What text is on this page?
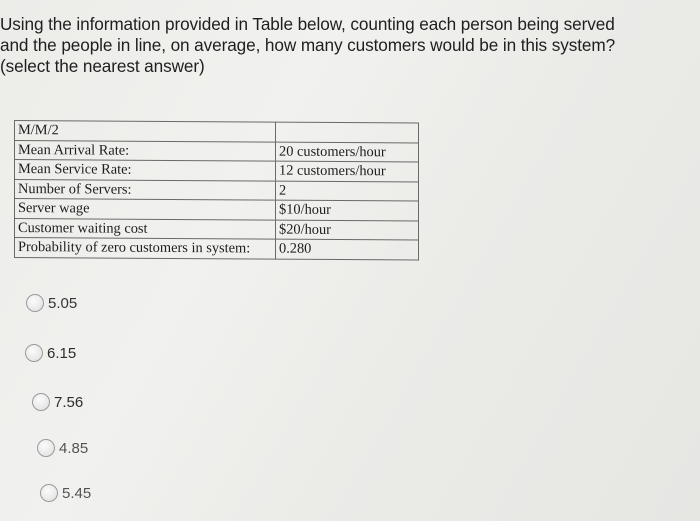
Using the information provided in Table below, counting each person being served
and the people in line, on average, how many customers would be in this system?
(select the nearest answer)
M/M/2	
Mean Arrival Rate:	20 customers/hour
Mean Service Rate:	12 customers/hour
Number of Servers:	2
Server wage	$10/hour
Customer waiting cost	$20/hour
Probability of zero customers in system:	0.280
5.05
6.15
7.56
4.85
5.45
